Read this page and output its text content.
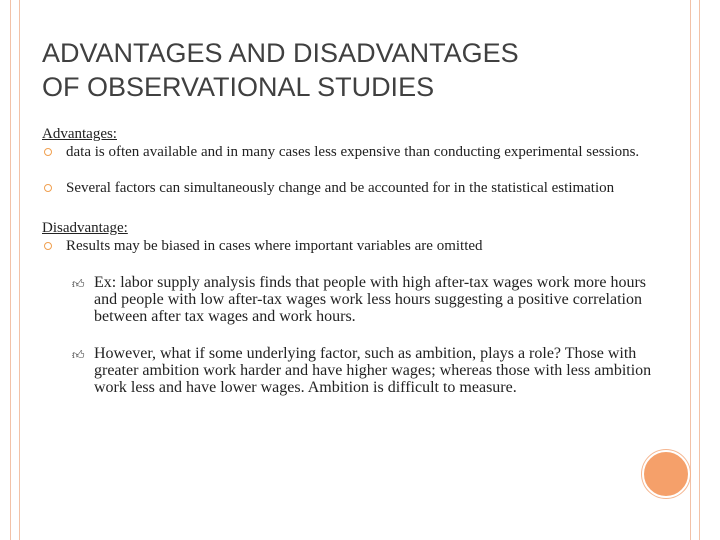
ADVANTAGES AND DISADVANTAGES
OF OBSERVATIONAL STUDIES
Advantages:
data is often available and in many cases less expensive than conducting experimental sessions.
Several factors can simultaneously change and be accounted for in the statistical estimation
Disadvantage:
Results may be biased in cases where important variables are omitted
👍︎ Ex: labor supply analysis finds that people with high after-tax wages work more hours and people with low after-tax wages work less hours suggesting a positive correlation between after tax wages and work hours.
👍︎ However, what if some underlying factor, such as ambition, plays a role? Those with greater ambition work harder and have higher wages; whereas those with less ambition work less and have lower wages. Ambition is difficult to measure.
